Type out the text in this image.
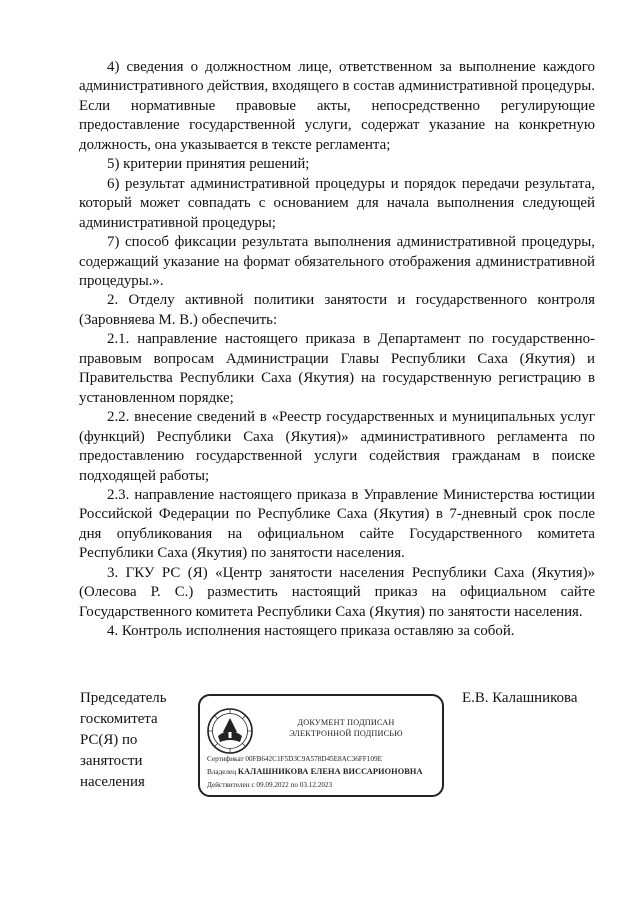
4) сведения о должностном лице, ответственном за выполнение каждого административного действия, входящего в состав административной процедуры. Если нормативные правовые акты, непосредственно регулирующие предоставление государственной услуги, содержат указание на конкретную должность, она указывается в тексте регламента;

5) критерии принятия решений;

6) результат административной процедуры и порядок передачи результата, который может совпадать с основанием для начала выполнения следующей административной процедуры;

7) способ фиксации результата выполнения административной процедуры, содержащий указание на формат обязательного отображения административной процедуры.».

2. Отделу активной политики занятости и государственного контроля (Заровняева М. В.) обеспечить:

2.1. направление настоящего приказа в Департамент по государственно-правовым вопросам Администрации Главы Республики Саха (Якутия) и Правительства Республики Саха (Якутия) на государственную регистрацию в установленном порядке;

2.2. внесение сведений в «Реестр государственных и муниципальных услуг (функций) Республики Саха (Якутия)» административного регламента по предоставлению государственной услуги содействия гражданам в поиске подходящей работы;

2.3. направление настоящего приказа в Управление Министерства юстиции Российской Федерации по Республике Саха (Якутия) в 7-дневный срок после дня опубликования на официальном сайте Государственного комитета Республики Саха (Якутия) по занятости населения.

3. ГКУ РС (Я) «Центр занятости населения Республики Саха (Якутия)» (Олесова Р. С.) разместить настоящий приказ на официальном сайте Государственного комитета Республики Саха (Якутия) по занятости населения.

4. Контроль исполнения настоящего приказа оставляю за собой.

Председатель
госкомитета
РС(Я) по
занятости
населения
Е.В. Калашникова
ДОКУМЕНТ ПОДПИСАН
ЭЛЕКТРОННОЙ ПОДПИСЬЮ
Сертификат 00FB642C1F5D3C9A578D45E8AC36FF109E
Владелец КАЛАШНИКОВА ЕЛЕНА ВИССАРИОНОВНА
Действителен с 09.09.2022 по 03.12.2023
